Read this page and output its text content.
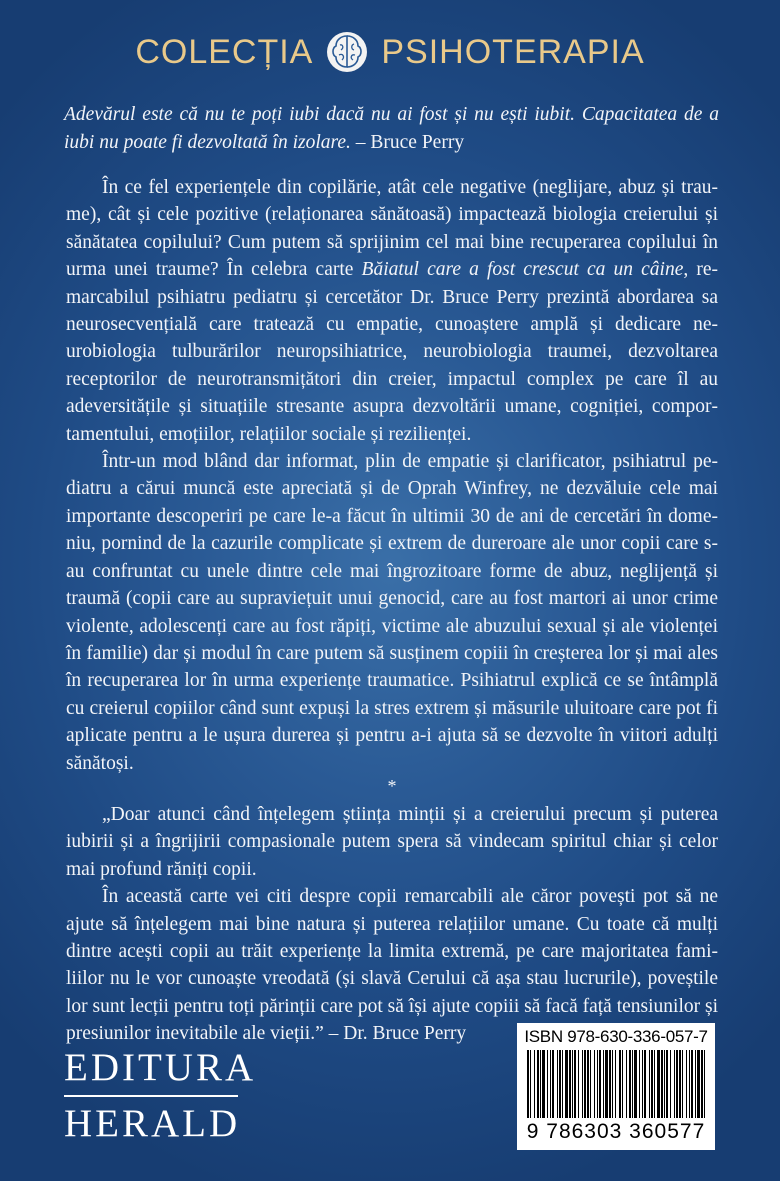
COLECȚIA PSIHOTERAPIA
Adevărul este că nu te poți iubi dacă nu ai fost și nu ești iubit. Capacitatea de a iubi nu poate fi dezvoltată în izolare. – Bruce Perry

În ce fel experiențele din copilărie, atât cele negative (neglijare, abuz și traume), cât și cele pozitive (relaționarea sănătoasă) impactează biologia creierului și sănătatea copilului? Cum putem să sprijinim cel mai bine recuperarea copilului în urma unei traume? În celebra carte Băiatul care a fost crescut ca un câine, remarcabilul psihiatru pediatru și cercetător Dr. Bruce Perry prezintă abordarea sa neurosecvențială care tratează cu empatie, cunoaștere amplă și dedicare neurobiologia tulburărilor neuropsihiatrice, neurobiologia traumei, dezvoltarea receptorilor de neurotransmițători din creier, impactul complex pe care îl au adeversitățile și situațiile stresante asupra dezvoltării umane, cogniției, comportamentului, emoțiilor, relațiilor sociale și rezilienței.

Într-un mod blând dar informat, plin de empatie și clarificator, psihiatrul pediatru a cărui muncă este apreciată și de Oprah Winfrey, ne dezvăluie cele mai importante descoperiri pe care le-a făcut în ultimii 30 de ani de cercetări în domeniu, pornind de la cazurile complicate și extrem de dureroare ale unor copii care s-au confruntat cu unele dintre cele mai îngrozitoare forme de abuz, neglijență și traumă (copii care au supraviețuit unui genocid, care au fost martori ai unor crime violente, adolescenți care au fost răpiți, victime ale abuzului sexual și ale violenței în familie) dar și modul în care putem să susținem copiii în creșterea lor și mai ales în recuperarea lor în urma experiențe traumatice. Psihiatrul explică ce se întâmplă cu creierul copiilor când sunt expuși la stres extrem și măsurile uluitoare care pot fi aplicate pentru a le ușura durerea și pentru a-i ajuta să se dezvolte în viitori adulți sănătoși.

*

„Doar atunci când înțelegem știința minții și a creierului precum și puterea iubirii și a îngrijirii compasionale putem spera să vindecam spiritul chiar și celor mai profund răniți copii.

În această carte vei citi despre copii remarcabili ale căror povești pot să ne ajute să înțelegem mai bine natura și puterea relațiilor umane. Cu toate că mulți dintre acești copii au trăit experiențe la limita extremă, pe care majoritatea familiilor nu le vor cunoaște vreodată (și slavă Cerului că așa stau lucrurile), poveștile lor sunt lecții pentru toți părinții care pot să își ajute copiii să facă față tensiunilor și presiunilor inevitabile ale vieții.” – Dr. Bruce Perry

EDITURA
HERALD
ISBN 978-630-336-057-7
9 786303 360577
